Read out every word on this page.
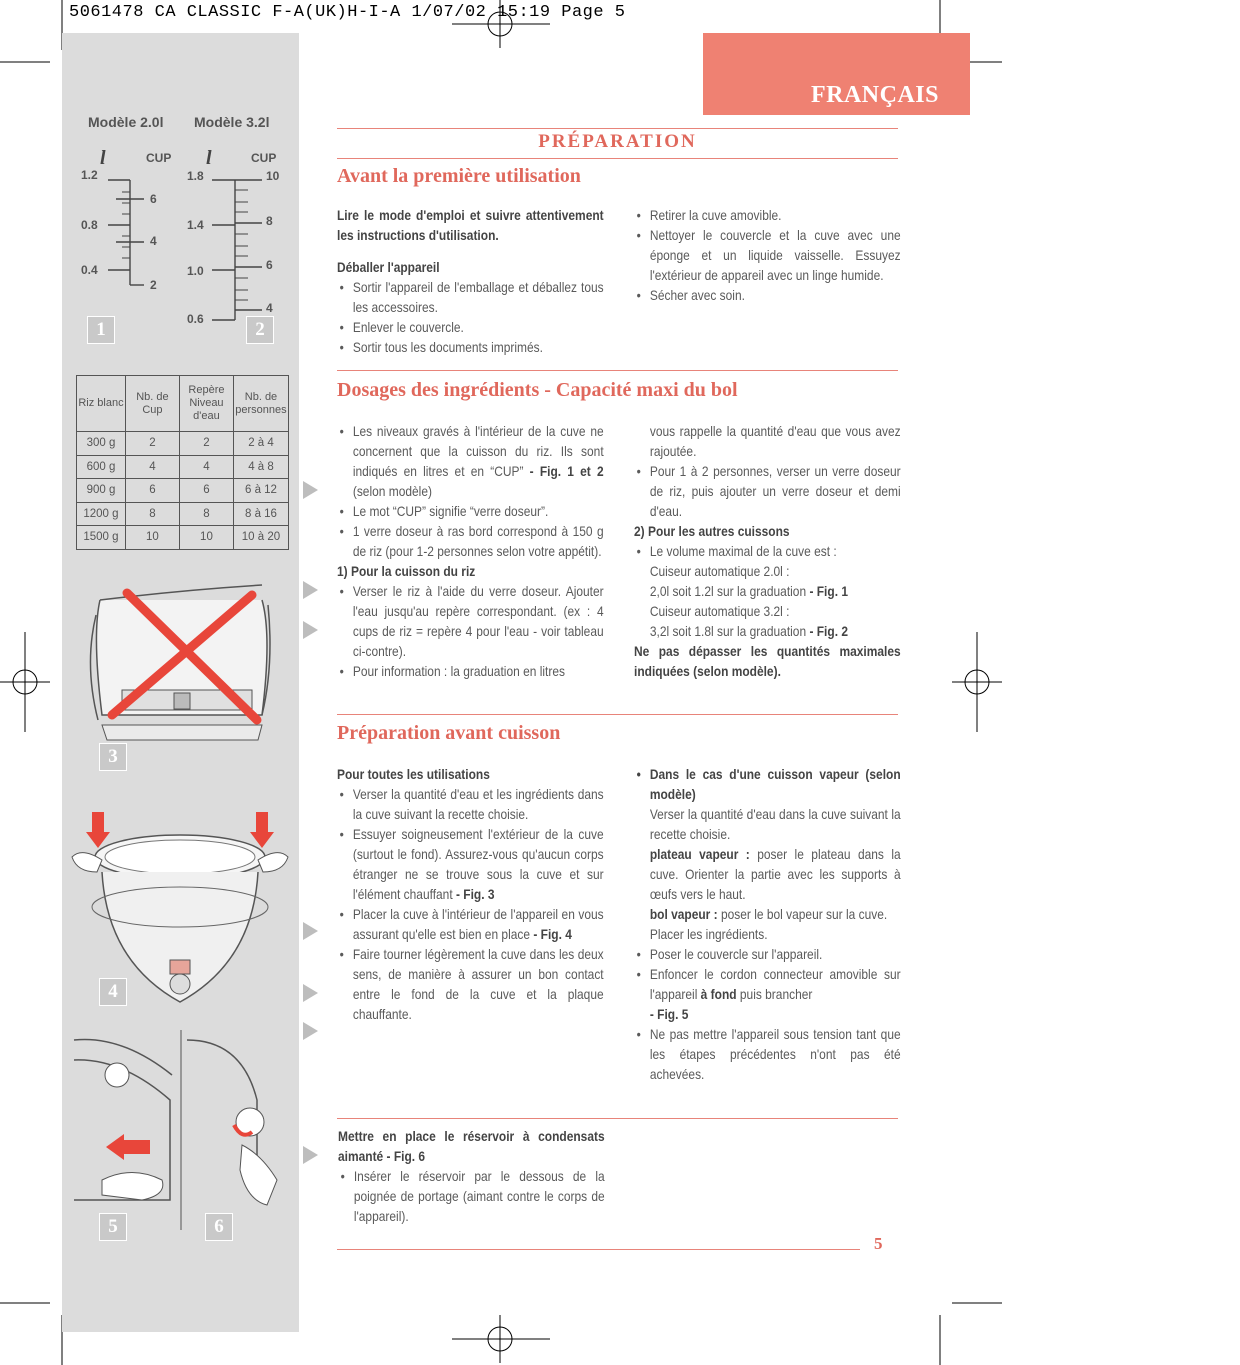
5061478 CA CLASSIC F-A(UK)H-I-A 1/07/02 15:19 Page 5
FRANÇAIS
Modèle 2.0l Modèle 3.2l
l	CUP l	CUP
1.2
0.8
0.4
6
4
2
1.8
1.4
1.0
0.6
10
8
6
4
1	2
Riz blanc	Nb. de Cup	Repère Niveau d'eau	Nb. de personnes
300 g	2	2	2 à 4
600 g	4	4	4 à 8
900 g	6	6	6 à 12
1200 g	8	8	8 à 16
1500 g	10	10	10 à 20
3
4
5	6
PRÉPARATION
Avant la première utilisation

Lire le mode d'emploi et suivre attentivement les instructions d'utilisation.

Déballer l'appareil

• Sortir l'appareil de l'emballage et déballez tous les accessoires.
• Enlever le couvercle.
• Sortir tous les documents imprimés.
• Retirer la cuve amovible.
• Nettoyer le couvercle et la cuve avec une éponge et un liquide vaisselle. Essuyez l'extérieur de appareil avec un linge humide.
• Sécher avec soin.
Dosages des ingrédients - Capacité maxi du bol
• Les niveaux gravés à l'intérieur de la cuve ne concernent que la cuisson du riz. Ils sont indiqués en litres et en “CUP” - Fig. 1 et 2 (selon modèle)
• Le mot “CUP” signifie “verre doseur”.
• 1 verre doseur à ras bord correspond à 150 g de riz (pour 1-2 personnes selon votre appétit).

1) Pour la cuisson du riz

• Verser le riz à l'aide du verre doseur. Ajouter l'eau jusqu'au repère correspondant. (ex : 4 cups de riz = repère 4 pour l'eau - voir tableau ci-contre).
• Pour information : la graduation en litres

vous rappelle la quantité d'eau que vous avez rajoutée.

• Pour 1 à 2 personnes, verser un verre doseur de riz, puis ajouter un verre doseur et demi d'eau.

2) Pour les autres cuissons

• Le volume maximal de la cuve est :

Cuiseur automatique 2.0l :

2,0l soit 1.2l sur la graduation - Fig. 1

Cuiseur automatique 3.2l :

3,2l soit 1.8l sur la graduation - Fig. 2

Ne pas dépasser les quantités maximales indiquées (selon modèle).

Préparation avant cuisson

Pour toutes les utilisations

• Verser la quantité d'eau et les ingrédients dans la cuve suivant la recette choisie.
• Essuyer soigneusement l'extérieur de la cuve (surtout le fond). Assurez-vous qu'aucun corps étranger ne se trouve sous la cuve et sur l'élément chauffant - Fig. 3
• Placer la cuve à l'intérieur de l'appareil en vous assurant qu'elle est bien en place - Fig. 4
• Faire tourner légèrement la cuve dans les deux sens, de manière à assurer un bon contact entre le fond de la cuve et la plaque chauffante.
• Dans le cas d'une cuisson vapeur (selon modèle)

Verser la quantité d'eau dans la cuve suivant la recette choisie.

plateau vapeur : poser le plateau dans la cuve. Orienter la partie avec les supports à œufs vers le haut.

bol vapeur : poser le bol vapeur sur la cuve.

Placer les ingrédients.

• Poser le couvercle sur l'appareil.
• Enfoncer le cordon connecteur amovible sur l'appareil à fond puis brancher
- Fig. 5
• Ne pas mettre l'appareil sous tension tant que les étapes précédentes n'ont pas été achevées.

Mettre en place le réservoir à condensats aimanté - Fig. 6

• Insérer le réservoir par le dessous de la poignée de portage (aimant contre le corps de l'appareil).
5
